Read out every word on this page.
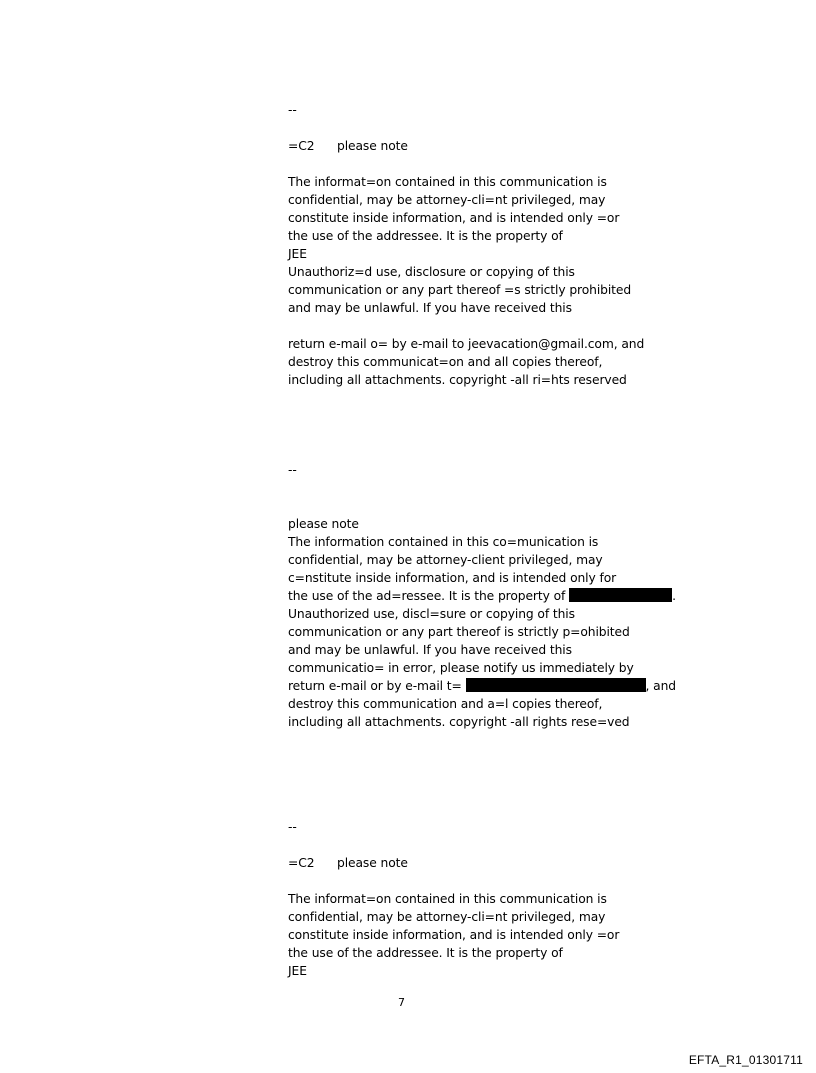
--
=C2 please note
The informat=on contained in this communication is
confidential, may be attorney-cli=nt privileged, may
constitute inside information, and is intended only =or
the use of the addressee. It is the property of
JEE
Unauthoriz=d use, disclosure or copying of this
communication or any part thereof =s strictly prohibited
and may be unlawful. If you have received this
return e-mail o= by e-mail to jeevacation@gmail.com, and
destroy this communicat=on and all copies thereof,
including all attachments. copyright -all ri=hts reserved
--
please note
The information contained in this co=munication is
confidential, may be attorney-client privileged, may
c=nstitute inside information, and is intended only for
the use of the ad=ressee. It is the property of	.
Unauthorized use, discl=sure or copying of this
communication or any part thereof is strictly p=ohibited
and may be unlawful. If you have received this
communicatio= in error, please notify us immediately by
return e-mail or by e-mail t=	, and
destroy this communication and a=l copies thereof,
including all attachments. copyright -all rights rese=ved
--
=C2 please note
The informat=on contained in this communication is
confidential, may be attorney-cli=nt privileged, may
constitute inside information, and is intended only =or
the use of the addressee. It is the property of
JEE
7
EFTA_R1_01301711
